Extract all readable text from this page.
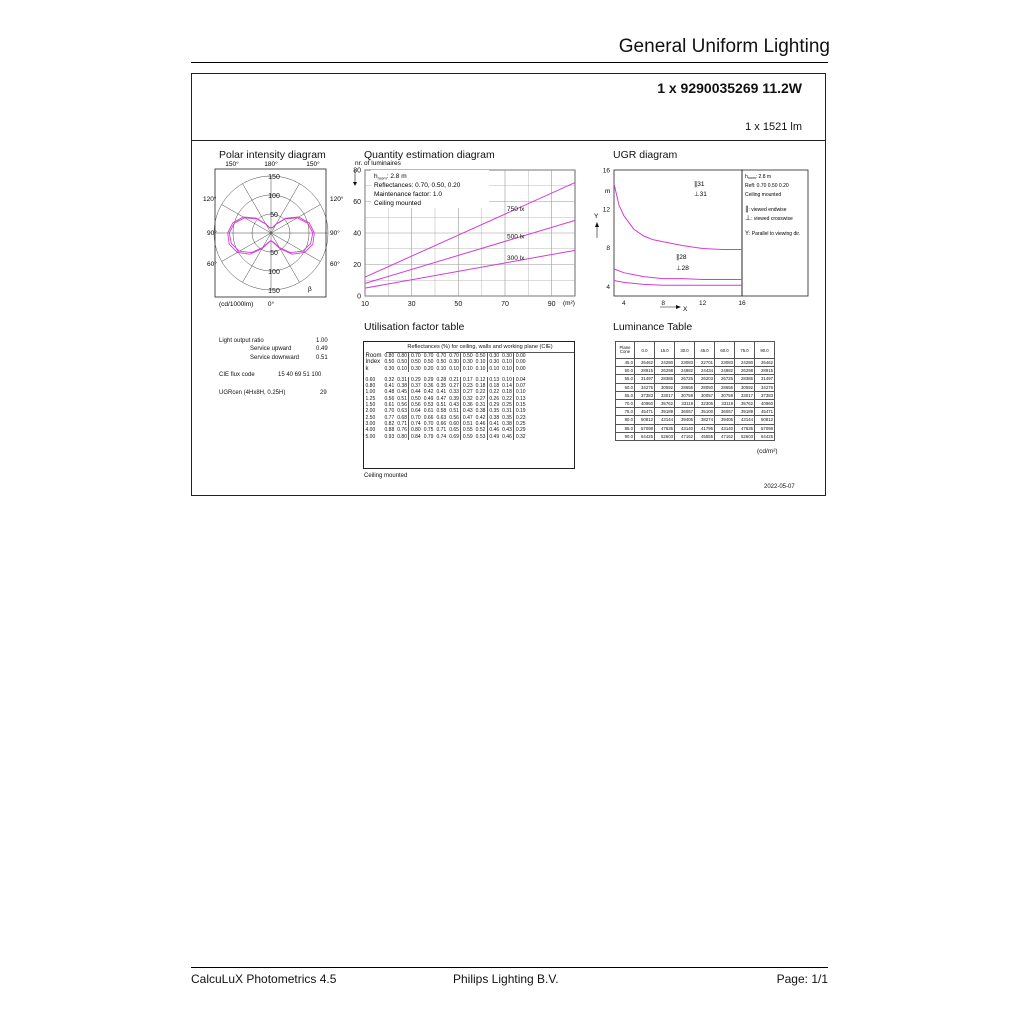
General Uniform Lighting
1 x 9290035269 11.2W
1 x 1521 lm
Polar intensity diagram
150°	180°	150°
120°
90°
60°
120°
90°
60°
150
100
50
50
100
150	β
(cd/1000lm) 0°
Light output ratio	1.00
Service upward	0.49
Service downward	0.51
CIE flux code	15 40 69 51 100
UGRcen (4Hx8H, 0.25H)	29
Quantity estimation diagram
nr. of luminaires
750 lx
500 lx
300 lx
0
20
40
60
80
10	30	50	70	90
$h_{room}$: 2.8 m
Reflectances: 0.70, 0.50, 0.20
Maintenance factor: 1.0
Ceiling mounted
(m²)
UGR diagram
4
8
12
16
4	8	12	16
m
Y
X
∥31
⊥31
∥28
⊥28
$h_{room}$: 2.8 m
Refl: 0.70 0.50 0.20
Ceiling mounted
∥: viewed endwise
⊥: viewed crosswise
Y: Parallel to viewing dir.
Utilisation factor table
Reflectances (%) for ceiling, walls and working plane (CIE)
Room	0.80	0.80	0.70	0.70	0.70	0.70	0.50	0.50	0.30	0.30	0.00
Index	0.50	0.50	0.50	0.50	0.50	0.30	0.30	0.10	0.30	0.10	0.00
k	0.30	0.10	0.30	0.20	0.10	0.10	0.10	0.10	0.10	0.10	0.00

0.60	0.32	0.31	0.29	0.29	0.28	0.21	0.17	0.12	0.13	0.10	0.04
0.80	0.41	0.38	0.37	0.36	0.35	0.27	0.23	0.18	0.18	0.14	0.07
1.00	0.48	0.45	0.44	0.42	0.41	0.33	0.27	0.22	0.22	0.18	0.10
1.25	0.56	0.51	0.50	0.49	0.47	0.39	0.32	0.27	0.26	0.22	0.13
1.50	0.61	0.56	0.56	0.53	0.51	0.43	0.36	0.31	0.29	0.25	0.15
2.00	0.70	0.63	0.64	0.61	0.58	0.51	0.43	0.38	0.35	0.31	0.19
2.50	0.77	0.68	0.70	0.66	0.63	0.56	0.47	0.42	0.38	0.35	0.23
3.00	0.82	0.71	0.74	0.70	0.66	0.60	0.51	0.46	0.41	0.38	0.25
4.00	0.88	0.76	0.80	0.75	0.71	0.65	0.55	0.52	0.46	0.43	0.29
5.00	0.93	0.80	0.84	0.79	0.74	0.69	0.59	0.53	0.49	0.46	0.32
Ceiling mounted
Luminance Table
Plane
Cone	0.0	15.0	30.0	45.0	60.0	75.0	90.0
45.0	26462	24280	23083	22701	23083	24280	26462
50.0	28915	26298	24882	24434	24882	26298	28915
55.0	31497	28386	26726	26203	26726	28386	31497
60.0	34276	30592	28656	28050	28656	30592	34276
65.0	37383	33017	30759	30057	30759	33017	37383
70.0	40960	35762	33119	32305	33119	35762	40960
75.0	45471	39189	36057	35100	36057	39189	45471
80.0	50812	43144	39405	38274	39405	43144	50812
85.0	57098	47635	43140	41795	43140	47635	57098
90.0	64425	52603	47162	45555	47162	52603	64425
(cd/m²)
2022-05-07
CalcuLuX Photometrics 4.5	Philips Lighting B.V.	Page: 1/1
